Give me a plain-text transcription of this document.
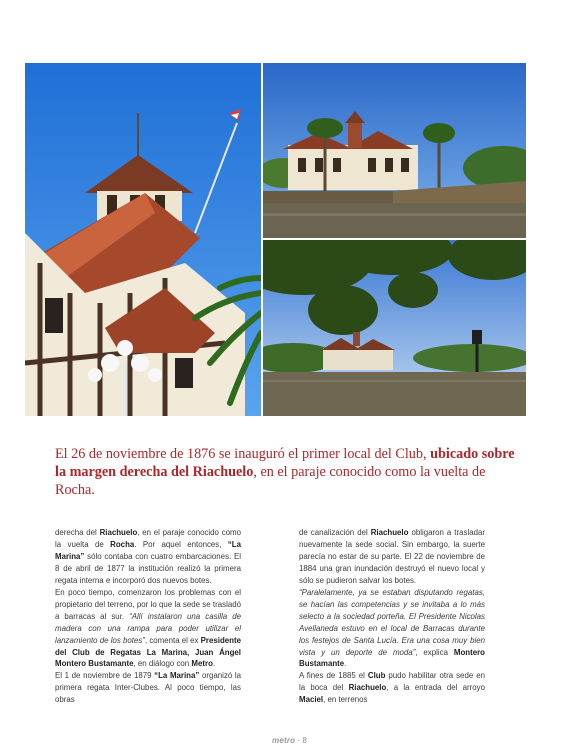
El 26 de noviembre de 1876 se inauguró el primer local del Club, ubicado sobre la margen derecha del Riachuelo, en el paraje conocido como la vuelta de Rocha.

derecha del Riachuelo, en el paraje conocido como la vuelta de Rocha. Por aquel entonces, “La Marina” sólo contaba con cuatro embarcaciones. El 8 de abril de 1877 la institución realizó la primera regata interna e incorporó dos nuevos botes.

En poco tiempo, comenzaron los problemas con el propietario del terreno, por lo que la sede se trasladó a barracas al sur. “Allí instalaron una casilla de madera con una rampa para poder utilizar el lanzamiento de los botes”, comenta el ex Presidente del Club de Regatas La Marina, Juan Ángel Montero Bustamante, en diálogo con Metro.

El 1 de noviembre de 1879 “La Marina” organizó la primera regata Inter-Clubes. Al poco tiempo, las obras

de canalización del Riachuelo obligaron a trasladar nuevamente la sede social. Sin embargo, la suerte parecía no estar de su parte. El 22 de noviembre de 1884 una gran inundación destruyó el nuevo local y sólo se pudieron salvar los botes.

“Paralelamente, ya se estaban disputando regatas, se hacían las competencias y se invitaba a lo más selecto a la sociedad porteña. El Presidente Nicolas Avellaneda estuvo en el local de Barracas durante los festejos de Santa Lucía. Era una cosa muy bien vista y un deporte de moda”, explica Montero Bustamante.

A fines de 1885 el Club pudo habilitar otra sede en la boca del Riachuelo, a la entrada del arroyo Maciel, en terrenos

metro · 8
